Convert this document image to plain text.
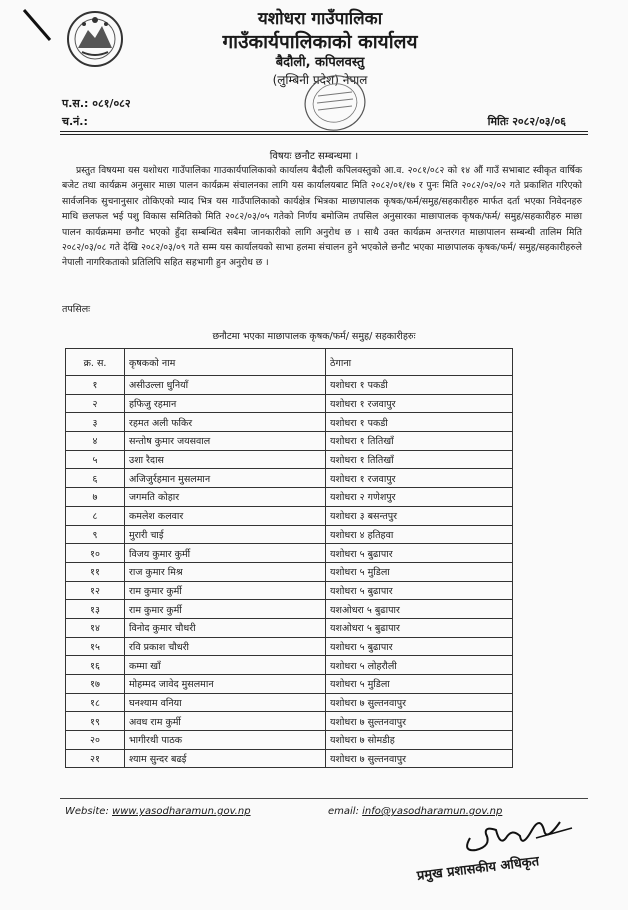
यशोधरा गाउँपालिका
गाउँकार्यपालिकाको कार्यालय
बैदौली, कपिलवस्तु
(लुम्बिनी प्रदेश) नेपाल
प.स.: ०८१/०८२
च.नं.:	मितिः २०८२/०३/०६
विषयः छनौट सम्बन्धमा ।

प्रस्तुत विषयमा यस यशोधरा गाउँपालिका गाउकार्यपालिकाको कार्यालय बैदौली कपिलवस्तुको आ.व. २०८१/०८२ को १४ औं गाउँ सभाबाट स्वीकृत वार्षिक बजेट तथा कार्यक्रम अनुसार माछा पालन कार्यक्रम संचालनका लागि यस कार्यालयबाट मिति २०८२/०१/१७ र पुनः मिति २०८२/०२/०२ गते प्रकाशित गरिएको सार्वजनिक सुचनानुसार तोकिएको म्याद भित्र यस गाउँपालिकाको कार्यक्षेत्र भित्रका माछापालक कृषक/फर्म/समुह/सहकारीहरु मार्फत दर्ता भएका निवेदनहरु माथि छलफल भई पशु विकास समितिको मिति २०८२/०३/०५ गतेको निर्णय बमोजिम तपसिल अनुसारका माछापालक कृषक/फर्म/ समुह/सहकारीहरु माछा पालन कार्यक्रममा छनौट भएको हुँदा सम्बन्धित सबैमा जानकारीको लागि अनुरोध छ । साथै उक्त कार्यक्रम अन्तरगत माछापालन सम्बन्धी तालिम मिति २०८२/०३/०८ गते देखि २०८२/०३/०९ गते सम्म यस कार्यालयको साभा हलमा संचालन हुने भएकोले छनौट भएका माछापालक कृषक/फर्म/ समुह/सहकारीहरुले नेपाली नागरिकताको प्रतिलिपि सहित सहभागी हुन अनुरोध छ ।

तपसिलः
छनौटमा भएका माछापालक कृषक/फर्म/ समुह/ सहकारीहरुः
क्र. स.	कृषकको नाम	ठेगाना
१	असीउल्ला धुनियाँ	यशोधरा १ पकडी
२	हफिजु रहमान	यशोधरा १ रजवापुर
३	रहमत अली फकिर	यशोधरा १ पकडी
४	सन्तोष कुमार जयसवाल	यशोधरा १ तितिखाँ
५	उशा रैदास	यशोधरा १ तितिखाँ
६	अजिजुर्रहमान मुसलमान	यशोधरा १ रजवापुर
७	जगमति कोहार	यशोधरा २ गणेशपुर
८	कमलेश कलवार	यशोधरा ३ बसन्तपुर
९	मुरारी चाई	यशोधरा ४ हतिहवा
१०	विजय कुमार कुर्मी	यशोधरा ५ बुढापार
११	राज कुमार मिश्र	यशोधरा ५ मुडिला
१२	राम कुमार कुर्मी	यशोधरा ५ बुढापार
१३	राम कुमार कुर्मी	यशओधरा ५ बुढापार
१४	विनोद कुमार चौधरी	यशओधरा ५ बुढापार
१५	रवि प्रकाश चौधरी	यशोधरा ५ बुढापार
१६	कम्मा खाँ	यशोधरा ५ लोहरौली
१७	मोहम्मद जावेद मुसलमान	यशोधरा ५ मुडिला
१८	घनश्याम वनिया	यशोधरा ७ सुल्तनवापुर
१९	अवध राम कुर्मी	यशोधरा ७ सुल्तनवापुर
२०	भागीरथी पाठक	यशोधरा ७ सोमडीह
२१	श्याम सुन्दर बढई	यशोधरा ७ सुल्तनवापुर
Website: www.yasodharamun.gov.np	email: info@yasodharamun.gov.np
प्रमुख प्रशासकीय अधिकृत
